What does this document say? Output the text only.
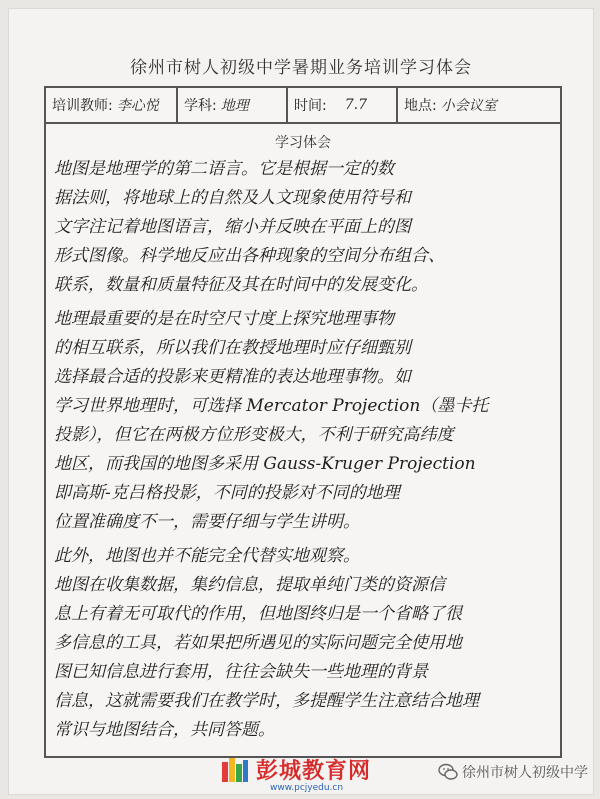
徐州市树人初级中学暑期业务培训学习体会
培训教师: 李心悦 学科: 地理	时间: 7.7	地点: 小会议室
学习体会
地图是地理学的第二语言。它是根据一定的数
据法则，将地球上的自然及人文现象使用符号和
文字注记着地图语言，缩小并反映在平面上的图
形式图像。科学地反应出各种现象的空间分布组合、
联系，数量和质量特征及其在时间中的发展变化。
地理最重要的是在时空尺寸度上探究地理事物
的相互联系，所以我们在教授地理时应仔细甄别
选择最合适的投影来更精准的表达地理事物。如
学习世界地理时，可选择 Mercator Projection（墨卡托
投影），但它在两极方位形变极大，不利于研究高纬度
地区，而我国的地图多采用 Gauss-Kruger Projection
即高斯-克吕格投影，不同的投影对不同的地理
位置准确度不一，需要仔细与学生讲明。
此外，地图也并不能完全代替实地观察。
地图在收集数据，集约信息，提取单纯门类的资源信
息上有着无可取代的作用，但地图终归是一个省略了很
多信息的工具，若如果把所遇见的实际问题完全使用地
图已知信息进行套用，往往会缺失一些地理的背景
信息，这就需要我们在教学时，多提醒学生注意结合地理
常识与地图结合，共同答题。
彭城教育网
www.pcjyedu.cn
徐州市树人初级中学
